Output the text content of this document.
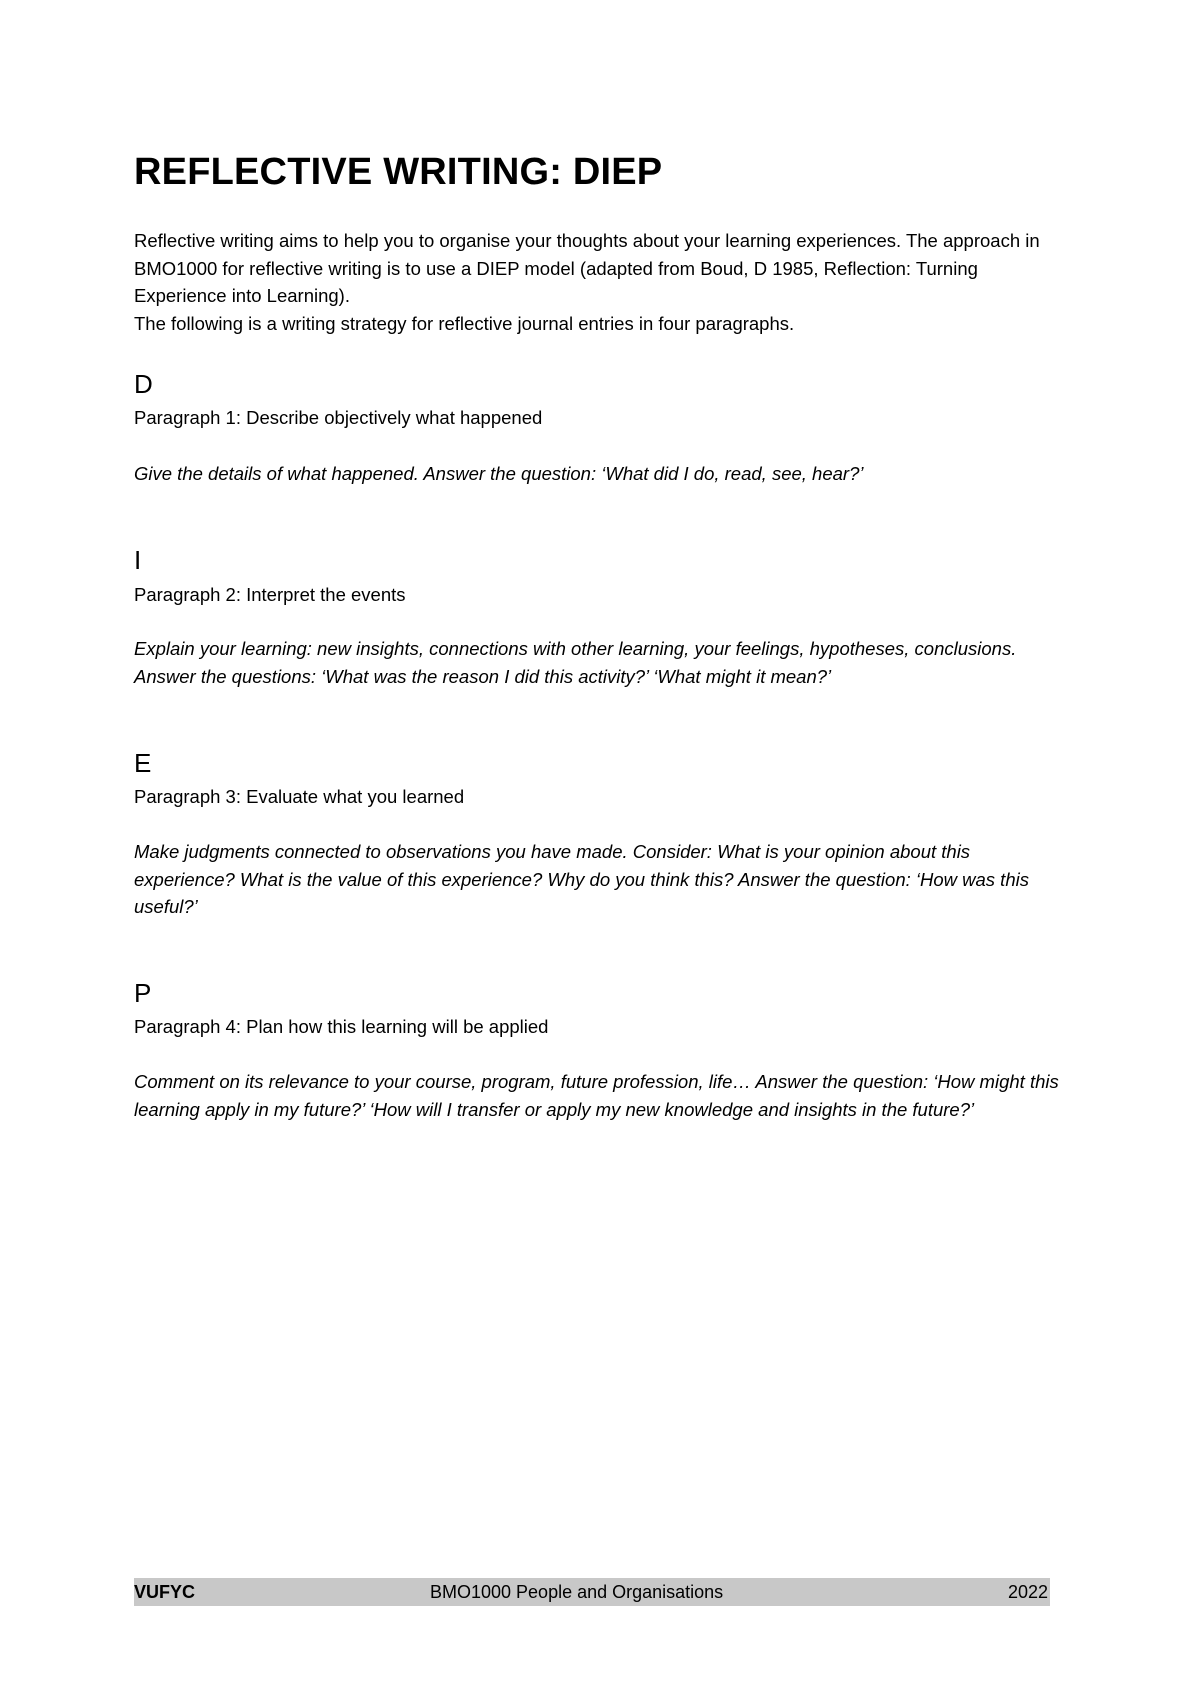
REFLECTIVE WRITING: DIEP

Reflective writing aims to help you to organise your thoughts about your learning experiences. The approach in BMO1000 for reflective writing is to use a DIEP model (adapted from Boud, D 1985, Reflection: Turning Experience into Learning).

The following is a writing strategy for reflective journal entries in four paragraphs.

D

Paragraph 1: Describe objectively what happened

Give the details of what happened. Answer the question: ‘What did I do, read, see, hear?’

I

Paragraph 2: Interpret the events

Explain your learning: new insights, connections with other learning, your feelings, hypotheses, conclusions. Answer the questions: ‘What was the reason I did this activity?’ ‘What might it mean?’

E

Paragraph 3: Evaluate what you learned

Make judgments connected to observations you have made. Consider: What is your opinion about this experience? What is the value of this experience? Why do you think this? Answer the question: ‘How was this useful?’

P

Paragraph 4: Plan how this learning will be applied

Comment on its relevance to your course, program, future profession, life… Answer the question: ‘How might this learning apply in my future?’ ‘How will I transfer or apply my new knowledge and insights in the future?’

VUFYC	BMO1000 People and Organisations	2022
